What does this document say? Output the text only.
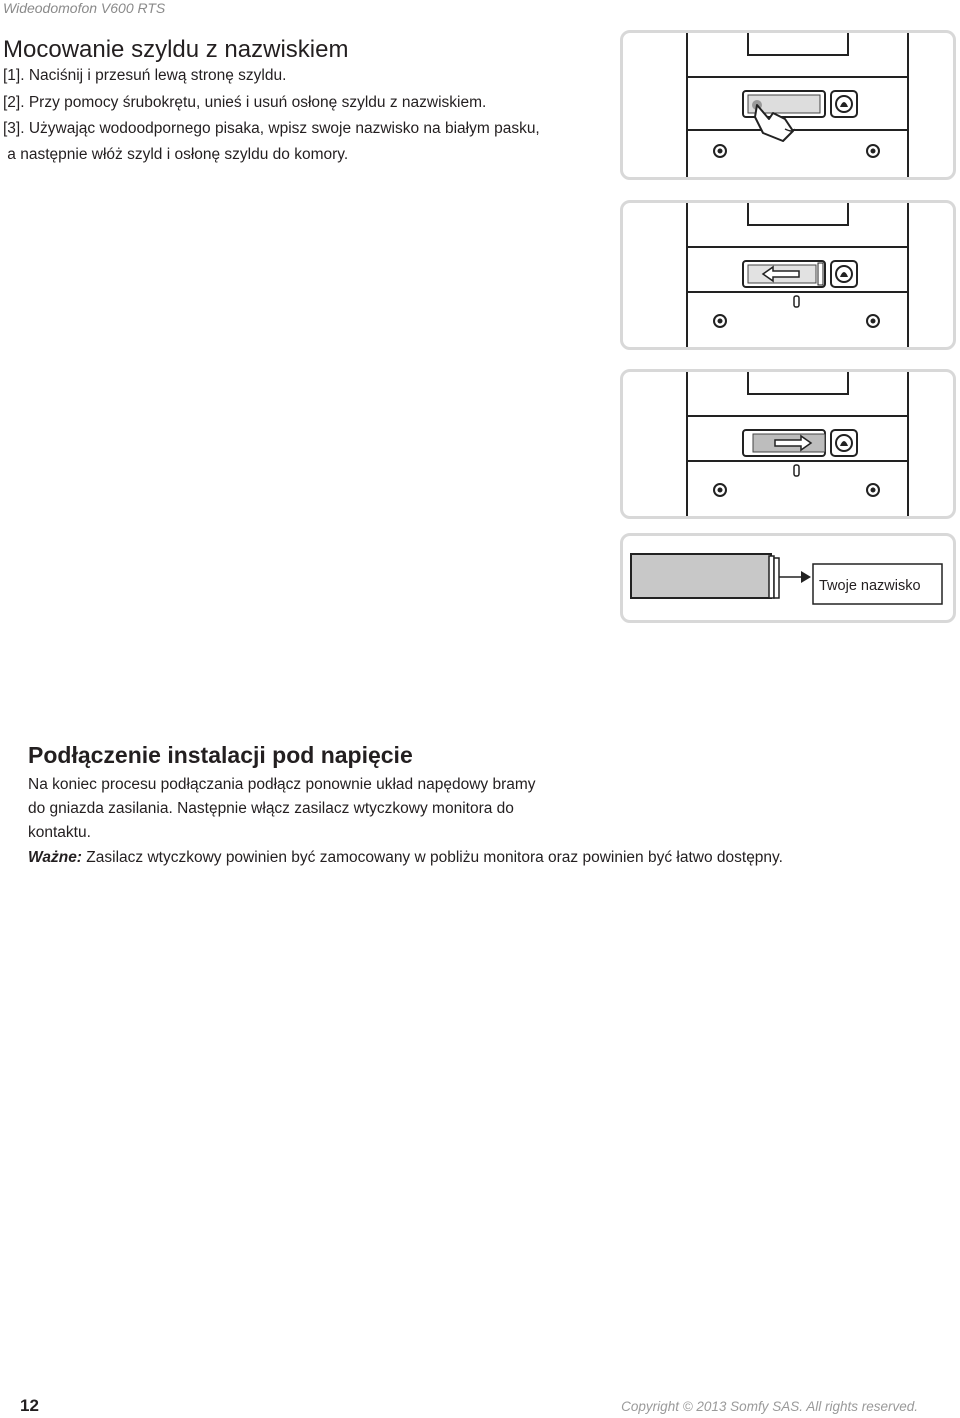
Wideodomofon V600 RTS
Mocowanie szyldu z nazwiskiem
[1]. Naciśnij i przesuń lewą stronę szyldu.
[2]. Przy pomocy śrubokrętu, unieś i usuń osłonę szyldu z nazwiskiem.
[3]. Używając wodoodpornego pisaka, wpisz swoje nazwisko na białym pasku,
a następnie włóż szyld i osłonę szyldu do komory.
Twoje nazwisko
Podłączenie instalacji pod napięcie
Na koniec procesu podłączania podłącz ponownie układ napędowy bramy
do gniazda zasilania. Następnie włącz zasilacz wtyczkowy monitora do
kontaktu.
Ważne: Zasilacz wtyczkowy powinien być zamocowany w pobliżu monitora oraz powinien być łatwo dostępny.
12	Copyright © 2013 Somfy SAS. All rights reserved.
